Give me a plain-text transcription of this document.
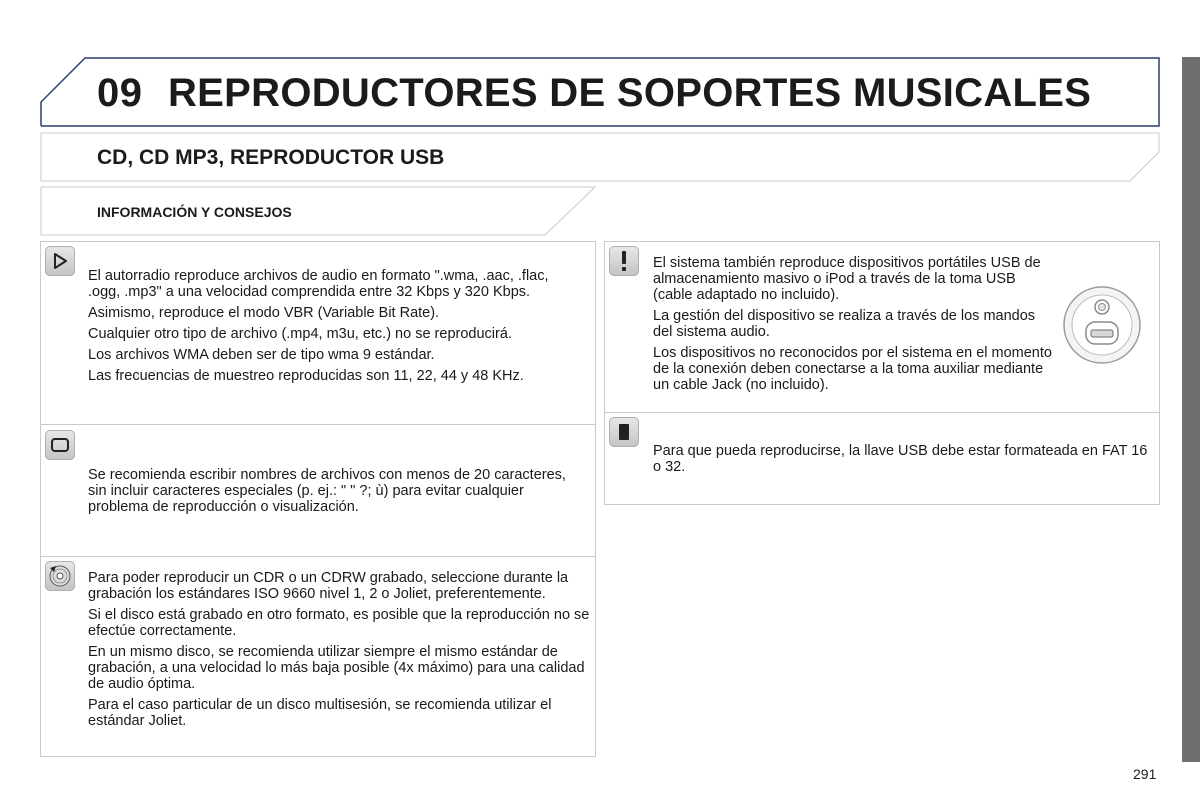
09 REPRODUCTORES DE SOPORTES MUSICALES
CD, CD MP3, REPRODUCTOR USB
INFORMACIÓN Y CONSEJOS

El autorradio reproduce archivos de audio en formato ".wma, .aac, .flac, .ogg, .mp3" a una velocidad comprendida entre 32 Kbps y 320 Kbps.

Asimismo, reproduce el modo VBR (Variable Bit Rate).

Cualquier otro tipo de archivo (.mp4, m3u, etc.) no se reproducirá.

Los archivos WMA deben ser de tipo wma 9 estándar.

Las frecuencias de muestreo reproducidas son 11, 22, 44 y 48 KHz.

Se recomienda escribir nombres de archivos con menos de 20 caracteres, sin incluir caracteres especiales (p. ej.: " " ?; ù) para evitar cualquier problema de reproducción o visualización.

Para poder reproducir un CDR o un CDRW grabado, seleccione durante la grabación los estándares ISO 9660 nivel 1, 2 o Joliet, preferentemente.

Si el disco está grabado en otro formato, es posible que la reproducción no se efectúe correctamente.

En un mismo disco, se recomienda utilizar siempre el mismo estándar de grabación, a una velocidad lo más baja posible (4x máximo) para una calidad de audio óptima.

Para el caso particular de un disco multisesión, se recomienda utilizar el estándar Joliet.

El sistema también reproduce dispositivos portátiles USB de almacenamiento masivo o iPod a través de la toma USB (cable adaptado no incluido).

La gestión del dispositivo se realiza a través de los mandos del sistema audio.

Los dispositivos no reconocidos por el sistema en el momento de la conexión deben conectarse a la toma auxiliar mediante un cable Jack (no incluido).

Para que pueda reproducirse, la llave USB debe estar formateada en FAT 16 o 32.

291
